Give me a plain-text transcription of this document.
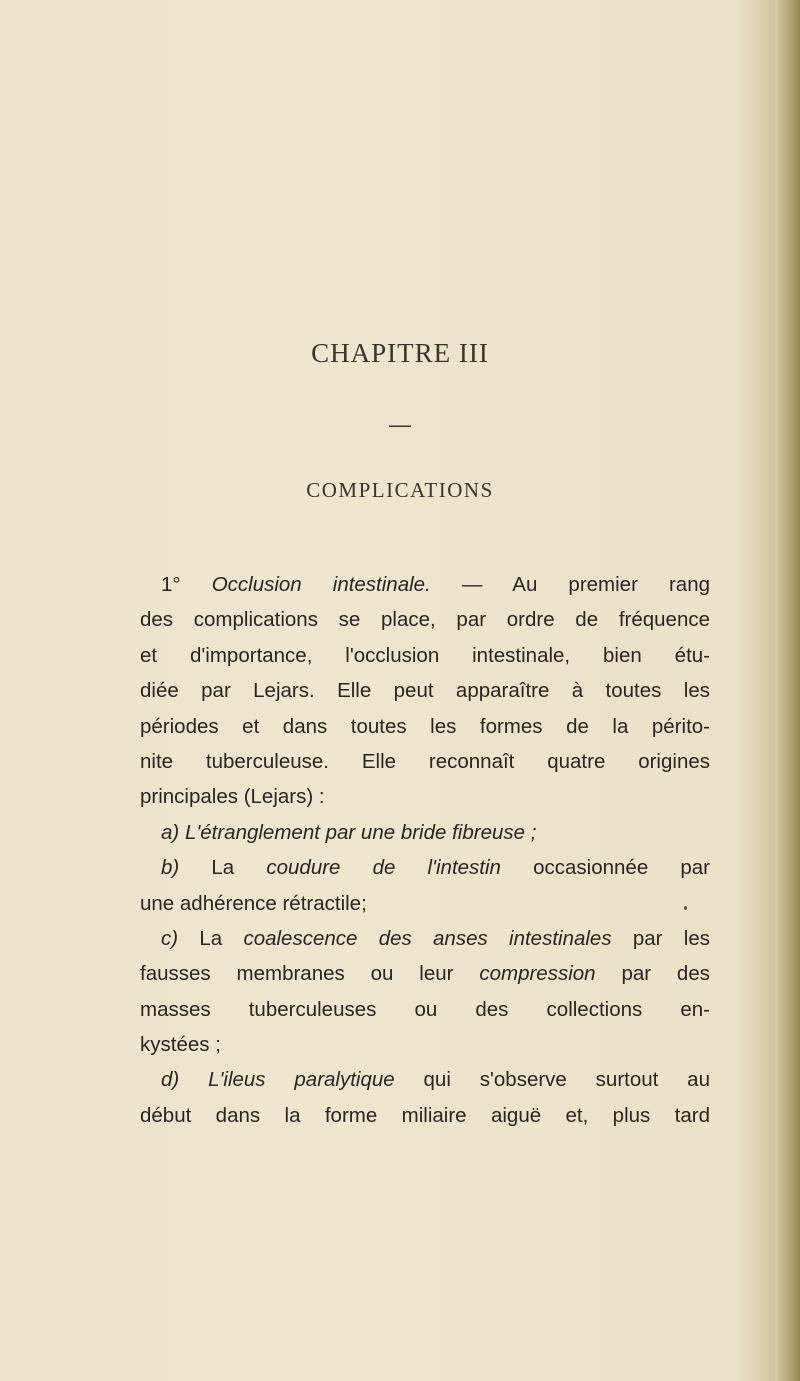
CHAPITRE III
—
COMPLICATIONS
1° Occlusion intestinale. — Au premier rang
des complications se place, par ordre de fréquence
et d'importance, l'occlusion intestinale, bien étu-
diée par Lejars. Elle peut apparaître à toutes les
périodes et dans toutes les formes de la périto-
nite tuberculeuse. Elle reconnaît quatre origines
principales (Lejars) :
a) L'étranglement par une bride fibreuse ;
b) La coudure de l'intestin occasionnée par
une adhérence rétractile;
c) La coalescence des anses intestinales par les
fausses membranes ou leur compression par des
masses tuberculeuses ou des collections en-
kystées ;
d) L'ileus paralytique qui s'observe surtout au
début dans la forme miliaire aiguë et, plus tard
